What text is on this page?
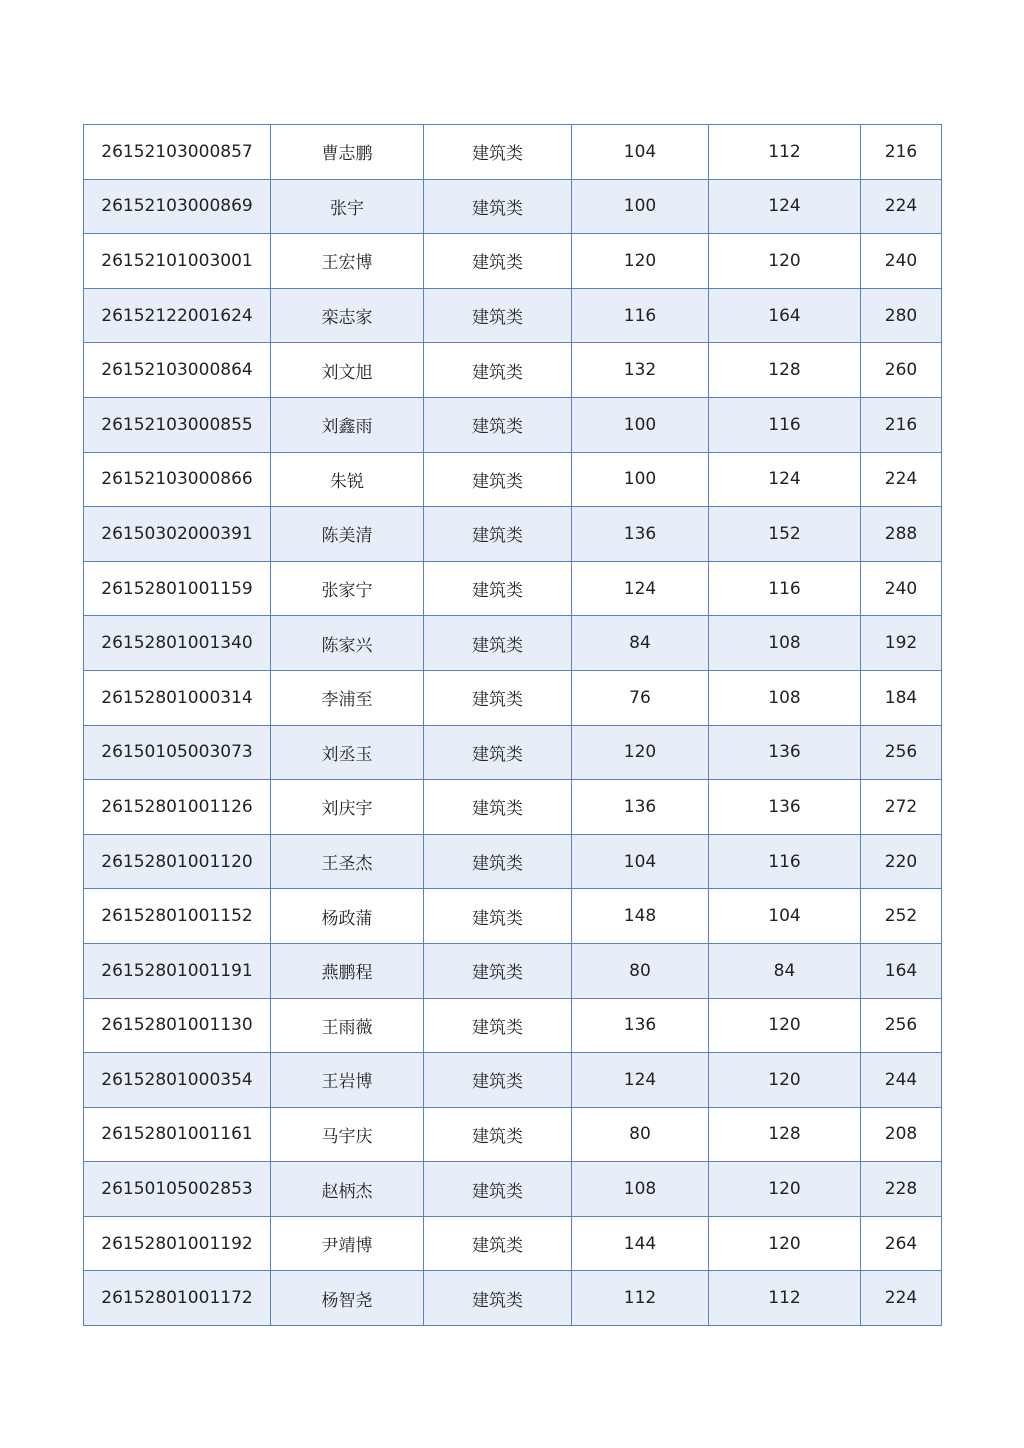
26152103000857	曹志鹏	建筑类	104	112	216
26152103000869	张宇	建筑类	100	124	224
26152101003001	王宏博	建筑类	120	120	240
26152122001624	栾志家	建筑类	116	164	280
26152103000864	刘文旭	建筑类	132	128	260
26152103000855	刘鑫雨	建筑类	100	116	216
26152103000866	朱锐	建筑类	100	124	224
26150302000391	陈美清	建筑类	136	152	288
26152801001159	张家宁	建筑类	124	116	240
26152801001340	陈家兴	建筑类	84	108	192
26152801000314	李浦至	建筑类	76	108	184
26150105003073	刘丞玉	建筑类	120	136	256
26152801001126	刘庆宇	建筑类	136	136	272
26152801001120	王圣杰	建筑类	104	116	220
26152801001152	杨政蒲	建筑类	148	104	252
26152801001191	燕鹏程	建筑类	80	84	164
26152801001130	王雨薇	建筑类	136	120	256
26152801000354	王岩博	建筑类	124	120	244
26152801001161	马宇庆	建筑类	80	128	208
26150105002853	赵柄杰	建筑类	108	120	228
26152801001192	尹靖博	建筑类	144	120	264
26152801001172	杨智尧	建筑类	112	112	224
